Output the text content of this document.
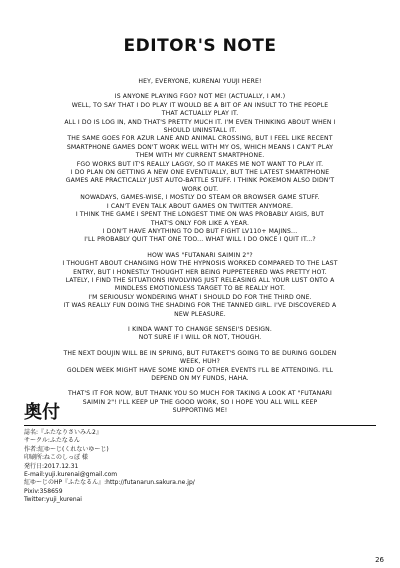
EDITOR'S NOTE

HEY, EVERYONE, KURENAI YUUJI HERE!

IS ANYONE PLAYING FGO? NOT ME! (ACTUALLY, I AM.)
WELL, TO SAY THAT I DO PLAY IT WOULD BE A BIT OF AN INSULT TO THE PEOPLE
THAT ACTUALLY PLAY IT.
ALL I DO IS LOG IN, AND THAT'S PRETTY MUCH IT. I'M EVEN THINKING ABOUT WHEN I
SHOULD UNINSTALL IT.
THE SAME GOES FOR AZUR LANE AND ANIMAL CROSSING, BUT I FEEL LIKE RECENT
SMARTPHONE GAMES DON'T WORK WELL WITH MY OS, WHICH MEANS I CAN'T PLAY
THEM WITH MY CURRENT SMARTPHONE.
FGO WORKS BUT IT'S REALLY LAGGY, SO IT MAKES ME NOT WANT TO PLAY IT.
I DO PLAN ON GETTING A NEW ONE EVENTUALLY, BUT THE LATEST SMARTPHONE
GAMES ARE PRACTICALLY JUST AUTO-BATTLE STUFF. I THINK POKEMON ALSO DIDN'T
WORK OUT.
NOWADAYS, GAMES-WISE, I MOSTLY DO STEAM OR BROWSER GAME STUFF.
I CAN'T EVEN TALK ABOUT GAMES ON TWITTER ANYMORE.
I THINK THE GAME I SPENT THE LONGEST TIME ON WAS PROBABLY AIGIS, BUT
THAT'S ONLY FOR LIKE A YEAR.
I DON'T HAVE ANYTHING TO DO BUT FIGHT LV110+ MAJINS...
I'LL PROBABLY QUIT THAT ONE TOO... WHAT WILL I DO ONCE I QUIT IT...?

HOW WAS "FUTANARI SAIMIN 2"?
I THOUGHT ABOUT CHANGING HOW THE HYPNOSIS WORKED COMPARED TO THE LAST
ENTRY, BUT I HONESTLY THOUGHT HER BEING PUPPETEERED WAS PRETTY HOT.
LATELY, I FIND THE SITUATIONS INVOLVING JUST RELEASING ALL YOUR LUST ONTO A
MINDLESS EMOTIONLESS TARGET TO BE REALLY HOT.
I'M SERIOUSLY WONDERING WHAT I SHOULD DO FOR THE THIRD ONE.
IT WAS REALLY FUN DOING THE SHADING FOR THE TANNED GIRL. I'VE DISCOVERED A
NEW PLEASURE.

I KINDA WANT TO CHANGE SENSEI'S DESIGN.
NOT SURE IF I WILL OR NOT, THOUGH.

THE NEXT DOUJIN WILL BE IN SPRING, BUT FUTAKET'S GOING TO BE DURING GOLDEN
WEEK, HUH?
GOLDEN WEEK MIGHT HAVE SOME KIND OF OTHER EVENTS I'LL BE ATTENDING. I'LL
DEPEND ON MY FUNDS, HAHA.

THAT'S IT FOR NOW, BUT THANK YOU SO MUCH FOR TAKING A LOOK AT "FUTANARI
SAIMIN 2"! I'LL KEEP UP THE GOOD WORK, SO I HOPE YOU ALL WILL KEEP
SUPPORTING ME!

奥付
誌名:『ふたなりさいみん2』
サークル:ふたなるん
作者:紅ゆーじ(くれないゆーじ)
印刷所:ねこのしっぽ 様
発行日:2017.12.31
E-mail:yuji.kurenai@gmail.com
紅ゆーじのHP『ふたなるん』:http://futanarun.sakura.ne.jp/
Pixiv:358659
Twitter:yuji_kurenai
26
